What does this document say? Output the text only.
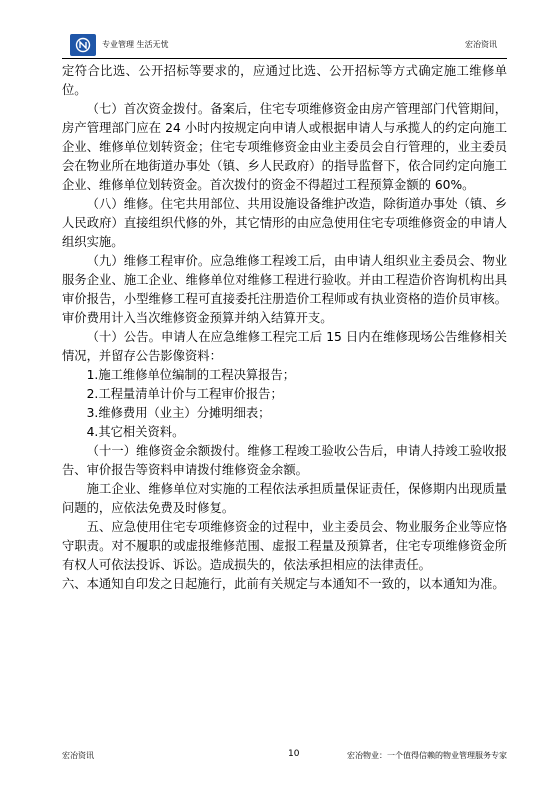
专业管理 生活无忧	宏冶资讯

定符合比选、公开招标等要求的，应通过比选、公开招标等方式确定施工维修单位。

（七）首次资金拨付。备案后，住宅专项维修资金由房产管理部门代管期间，房产管理部门应在 24 小时内按规定向申请人或根据申请人与承揽人的约定向施工企业、维修单位划转资金；住宅专项维修资金由业主委员会自行管理的，业主委员会在物业所在地街道办事处（镇、乡人民政府）的指导监督下，依合同约定向施工企业、维修单位划转资金。首次拨付的资金不得超过工程预算金额的 60%。

（八）维修。住宅共用部位、共用设施设备维护改造，除街道办事处（镇、乡人民政府）直接组织代修的外，其它情形的由应急使用住宅专项维修资金的申请人组织实施。

（九）维修工程审价。应急维修工程竣工后，由申请人组织业主委员会、物业服务企业、施工企业、维修单位对维修工程进行验收。并由工程造价咨询机构出具审价报告，小型维修工程可直接委托注册造价工程师或有执业资格的造价员审核。审价费用计入当次维修资金预算并纳入结算开支。

（十）公告。申请人在应急维修工程完工后 15 日内在维修现场公告维修相关情况，并留存公告影像资料：

1.施工维修单位编制的工程决算报告；

2.工程量清单计价与工程审价报告；

3.维修费用（业主）分摊明细表；

4.其它相关资料。

（十一）维修资金余额拨付。维修工程竣工验收公告后，申请人持竣工验收报告、审价报告等资料申请拨付维修资金余额。

施工企业、维修单位对实施的工程依法承担质量保证责任，保修期内出现质量问题的，应依法免费及时修复。

五、应急使用住宅专项维修资金的过程中，业主委员会、物业服务企业等应恪守职责。对不履职的或虚报维修范围、虚报工程量及预算者，住宅专项维修资金所有权人可依法投诉、诉讼。造成损失的，依法承担相应的法律责任。

六、本通知自印发之日起施行，此前有关规定与本通知不一致的，以本通知为准。

宏冶资讯	10	宏冶物业：一个值得信赖的物业管理服务专家
